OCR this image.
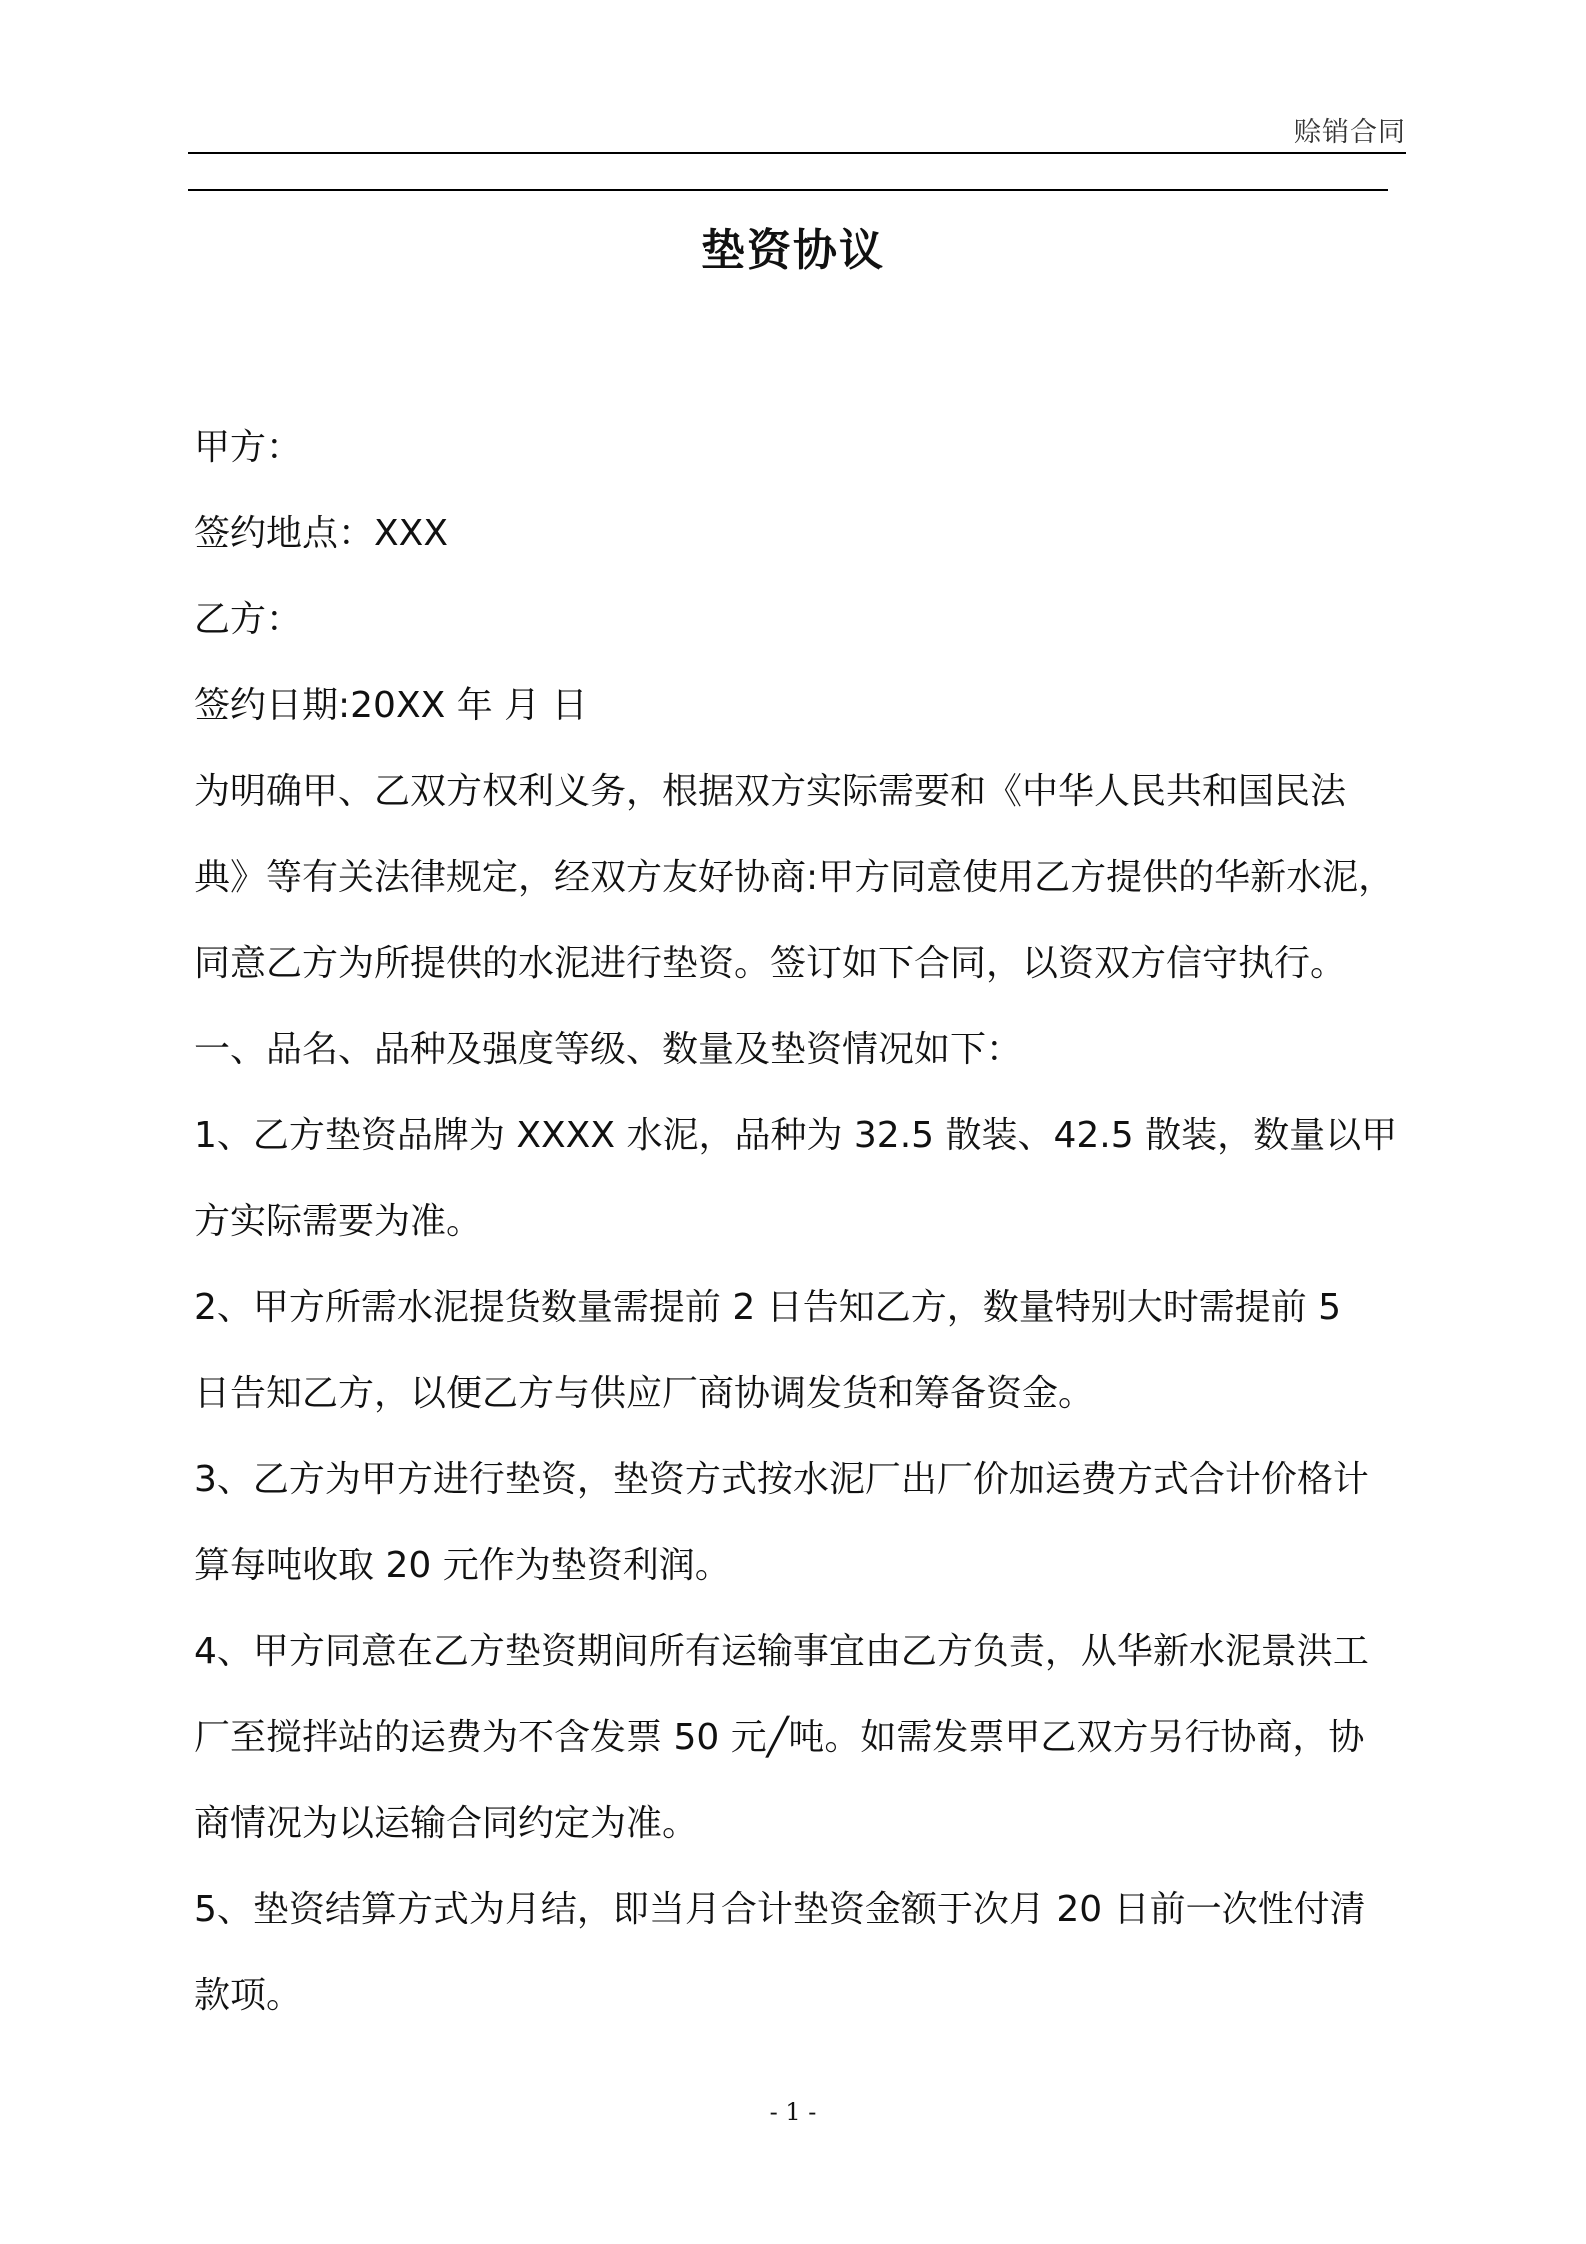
赊销合同
垫资协议

甲方：

签约地点：XXX

乙方：

签约日期:20XX 年 月 日

为明确甲、乙双方权利义务，根据双方实际需要和《中华人民共和国民法

典》等有关法律规定，经双方友好协商:甲方同意使用乙方提供的华新水泥，

同意乙方为所提供的水泥进行垫资。签订如下合同，以资双方信守执行。

一、品名、品种及强度等级、数量及垫资情况如下：

1、乙方垫资品牌为 XXXX 水泥，品种为 32.5 散装、42.5 散装，数量以甲

方实际需要为准。

2、甲方所需水泥提货数量需提前 2 日告知乙方，数量特别大时需提前 5

日告知乙方，以便乙方与供应厂商协调发货和筹备资金。

3、乙方为甲方进行垫资，垫资方式按水泥厂出厂价加运费方式合计价格计

算每吨收取 20 元作为垫资利润。

4、甲方同意在乙方垫资期间所有运输事宜由乙方负责，从华新水泥景洪工

厂至搅拌站的运费为不含发票 50 元╱吨。如需发票甲乙双方另行协商，协

商情况为以运输合同约定为准。

5、垫资结算方式为月结，即当月合计垫资金额于次月 20 日前一次性付清

款项。

- 1 -
